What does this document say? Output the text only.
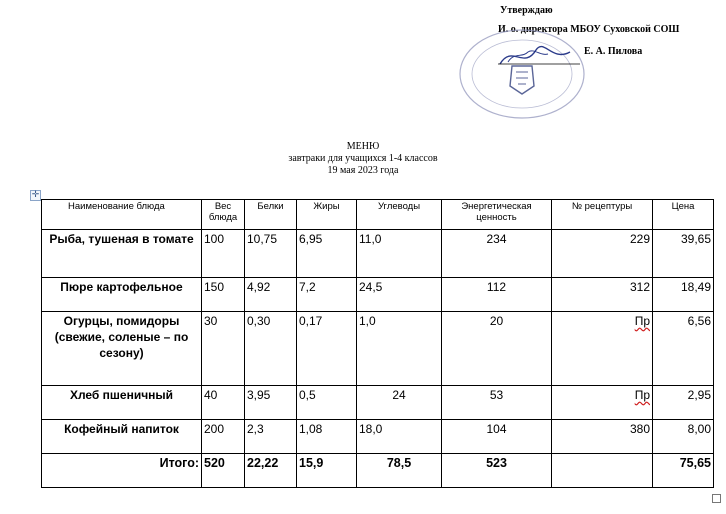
Утверждаю
И. о. директора МБОУ Суховской СОШ
Е. А. Пилова
МЕНЮ
завтраки для учащихся 1-4 классов
19 мая 2023 года
✛
Наименование блюда	Вес блюда	Белки	Жиры	Углеводы	Энергетическая ценность	№ рецептуры	Цена
Рыба, тушеная в томате	100	10,75	6,95	11,0	234	229	39,65
Пюре картофельное	150	4,92	7,2	24,5	112	312	18,49
Огурцы, помидоры (свежие, соленые – по сезону)	30	0,30	0,17	1,0	20	Пр	6,56
Хлеб пшеничный	40	3,95	0,5	24	53	Пр	2,95
Кофейный напиток	200	2,3	1,08	18,0	104	380	8,00
Итого:	520	22,22	15,9	78,5	523		75,65
